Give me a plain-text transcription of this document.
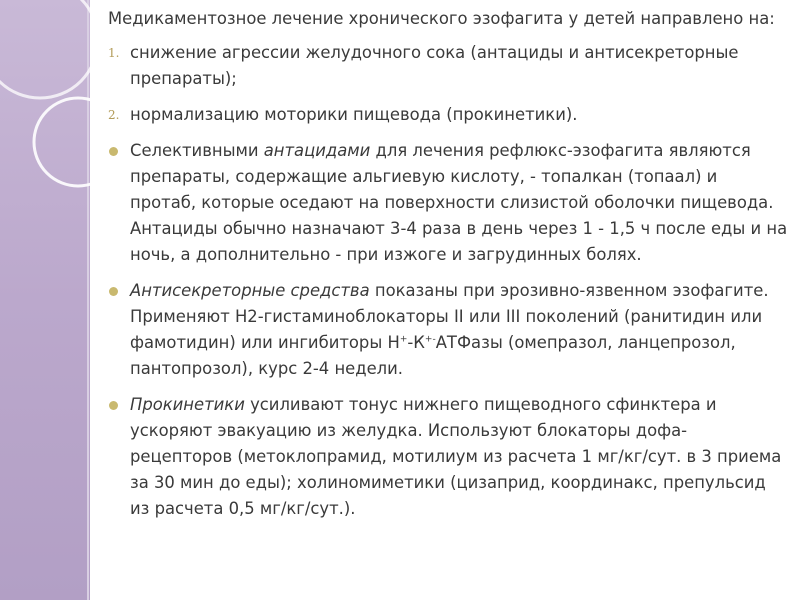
Медикаментозное лечение хронического эзофагита у детей направлено на:

1. снижение агрессии желудочного сока (антациды и антисекреторные препараты);
2. нормализацию моторики пищевода (прокинетики).
Селективными антацидами для лечения рефлюкс-эзофагита являются препараты, содержащие альгиевую кислоту, - топалкан (топаал) и протаб, которые оседают на поверхности слизистой оболочки пищевода. Антациды обычно назначают 3-4 раза в день через 1 - 1,5 ч после еды и на ночь, а дополнительно - при изжоге и загрудинных болях.
Антисекреторные средства показаны при эрозивно-язвенном эзофагите. Применяют Н2-гистаминоблокаторы II или III поколений (ранитидин или фамотидин) или ингибиторы Н+-К+-АТФазы (омепразол, ланцепрозол, пантопрозол), курс 2-4 недели.
Прокинетики усиливают тонус нижнего пищеводного сфинктера и ускоряют эвакуацию из желудка. Используют блокаторы дофа-рецепторов (метоклопрамид, мотилиум из расчета 1 мг/кг/сут. в 3 приема за 30 мин до еды); холиномиметики (цизаприд, координакс, препульсид из расчета 0,5 мг/кг/сут.).
